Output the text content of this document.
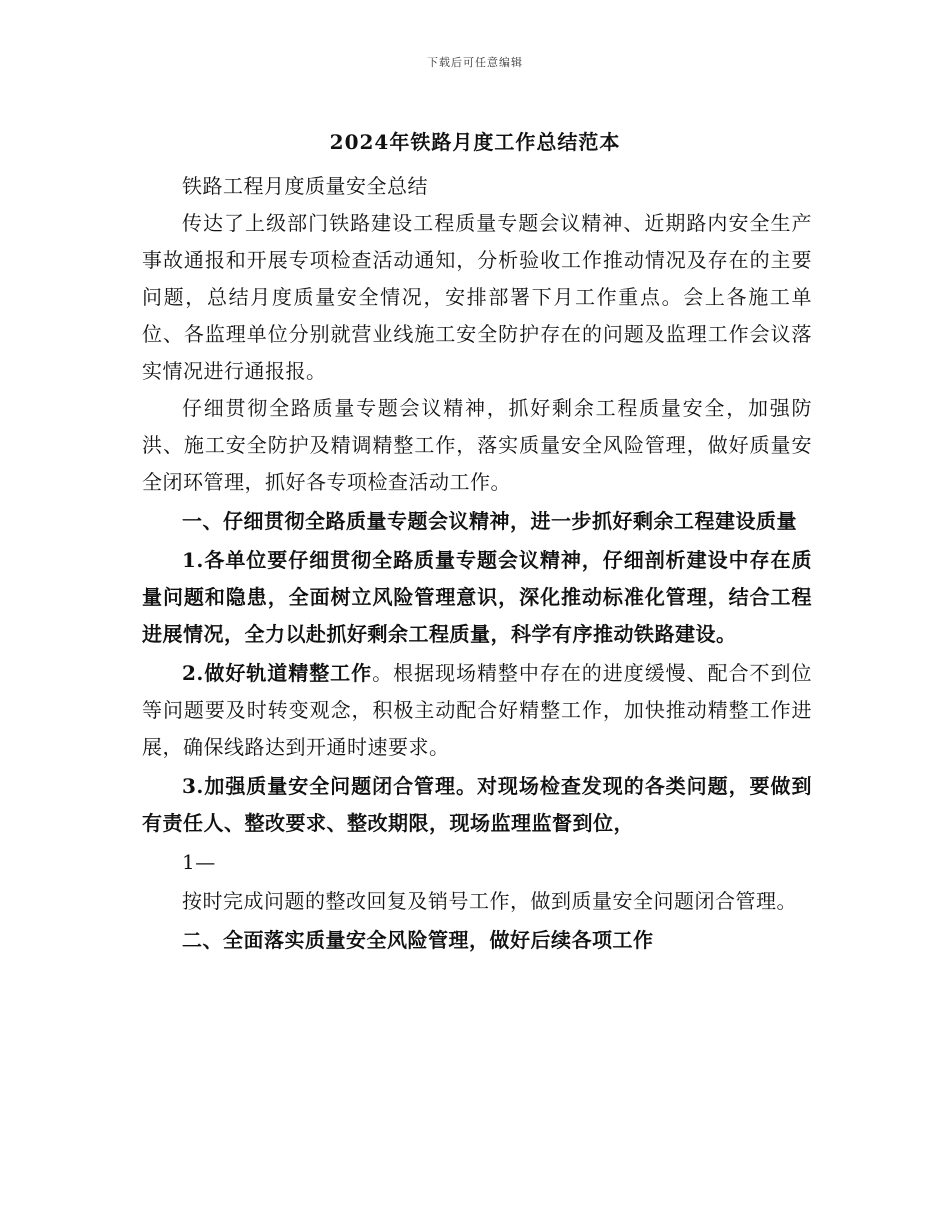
下载后可任意编辑
2024年铁路月度工作总结范本

铁路工程月度质量安全总结

传达了上级部门铁路建设工程质量专题会议精神、近期路内安全生产事故通报和开展专项检查活动通知，分析验收工作推动情况及存在的主要问题，总结月度质量安全情况，安排部署下月工作重点。会上各施工单位、各监理单位分别就营业线施工安全防护存在的问题及监理工作会议落实情况进行通报报。

仔细贯彻全路质量专题会议精神，抓好剩余工程质量安全，加强防洪、施工安全防护及精调精整工作，落实质量安全风险管理，做好质量安全闭环管理，抓好各专项检查活动工作。

一、仔细贯彻全路质量专题会议精神，进一步抓好剩余工程建设质量

1.各单位要仔细贯彻全路质量专题会议精神，仔细剖析建设中存在质量问题和隐患，全面树立风险管理意识，深化推动标准化管理，结合工程进展情况，全力以赴抓好剩余工程质量，科学有序推动铁路建设。

2.做好轨道精整工作。根据现场精整中存在的进度缓慢、配合不到位等问题要及时转变观念，积极主动配合好精整工作，加快推动精整工作进展，确保线路达到开通时速要求。

3.加强质量安全问题闭合管理。对现场检查发现的各类问题，要做到有责任人、整改要求、整改期限，现场监理监督到位，

1—

按时完成问题的整改回复及销号工作，做到质量安全问题闭合管理。

二、全面落实质量安全风险管理，做好后续各项工作
